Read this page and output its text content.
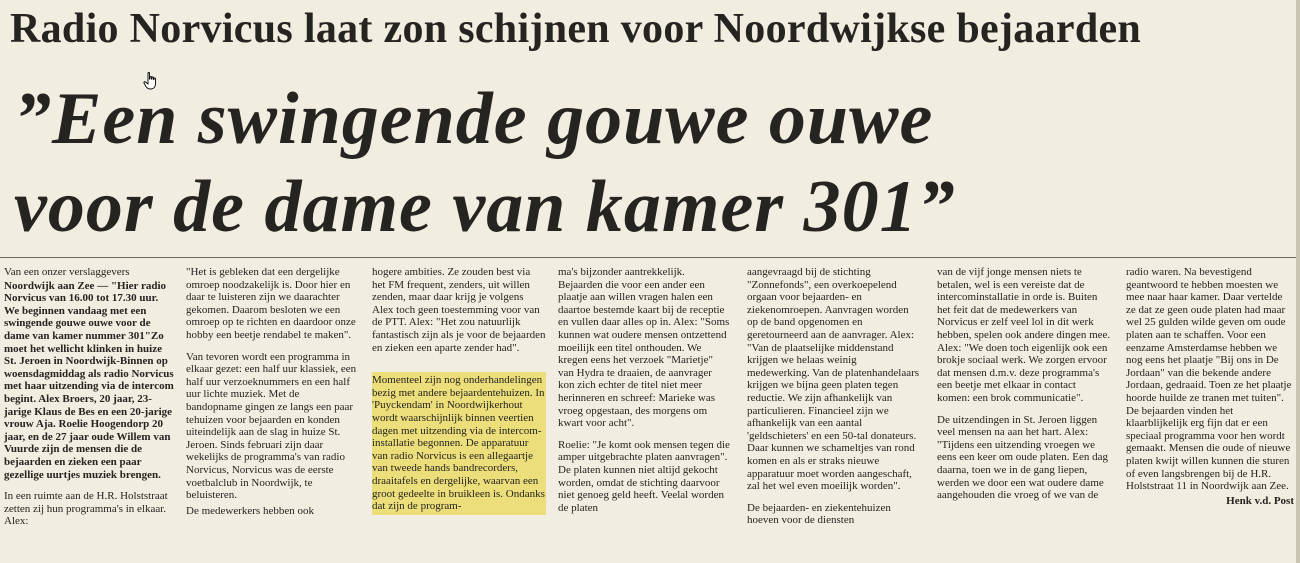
Radio Norvicus laat zon schijnen voor Noordwijkse bejaarden
”Een swingende gouwe ouwe
voor de dame van kamer 301”

Van een onzer verslaggevers

Noordwijk aan Zee — "Hier radio Norvicus van 16.00 tot 17.30 uur. We beginnen vandaag met een swingende gouwe ouwe voor de dame van kamer nummer 301"Zo moet het wellicht klinken in huize St. Jeroen in Noordwijk-Binnen op woensdagmiddag als radio Norvicus met haar uitzending via de intercom begint. Alex Broers, 20 jaar, 23-jarige Klaus de Bes en een 20-jarige vrouw Aja. Roelie Hoogendorp 20 jaar, en de 27 jaar oude Willem van Vuurde zijn de mensen die de bejaarden en zieken een paar gezellige uurtjes muziek brengen.

In een ruimte aan de H.R. Holststraat zetten zij hun programma's in elkaar. Alex:

"Het is gebleken dat een dergelijke omroep noodzakelijk is. Door hier en daar te luisteren zijn we daarachter gekomen. Daarom besloten we een omroep op te richten en daardoor onze hobby een beetje rendabel te maken".

Van tevoren wordt een programma in elkaar gezet: een half uur klassiek, een half uur verzoeknummers en een half uur lichte muziek. Met de bandopname gingen ze langs een paar tehuizen voor bejaarden en konden uiteindelijk aan de slag in huize St. Jeroen. Sinds februari zijn daar wekelijks de programma's van radio Norvicus, Norvicus was de eerste voetbalclub in Noordwijk, te beluisteren.

De medewerkers hebben ook

hogere ambities. Ze zouden best via het FM frequent, zenders, uit willen zenden, maar daar krijg je volgens Alex toch geen toestemming voor van de PTT. Alex: "Het zou natuurlijk fantastisch zijn als je voor de bejaarden en zieken een aparte zender had".

Momenteel zijn nog onderhandelingen bezig met andere bejaardentehuizen. In 'Puyckendam' in Noordwijkerhout wordt waarschijnlijk binnen veertien dagen met uitzending via de intercom-installatie begonnen. De apparatuur van radio Norvicus is een allegaartje van tweede hands bandrecorders, draaitafels en dergelijke, waarvan een groot gedeelte in bruikleen is. Ondanks dat zijn de program-

ma's bijzonder aantrekkelijk. Bejaarden die voor een ander een plaatje aan willen vragen halen een daartoe bestemde kaart bij de receptie en vullen daar alles op in. Alex: "Soms kunnen wat oudere mensen ontzettend moeilijk een titel onthouden. We kregen eens het verzoek "Marietje" van Hydra te draaien, de aanvrager kon zich echter de titel niet meer herinneren en schreef: Marieke was vroeg opgestaan, des morgens om kwart voor acht".

Roelie: "Je komt ook mensen tegen die amper uitgebrachte platen aanvragen". De platen kunnen niet altijd gekocht worden, omdat de stichting daarvoor niet genoeg geld heeft. Veelal worden de platen

aangevraagd bij de stichting "Zonnefonds", een overkoepelend orgaan voor bejaarden- en ziekenomroepen. Aanvragen worden op de band opgenomen en geretourneerd aan de aanvrager. Alex: "Van de plaatselijke middenstand krijgen we helaas weinig medewerking. Van de platenhandelaars krijgen we bijna geen platen tegen reductie. We zijn afhankelijk van particulieren. Financieel zijn we afhankelijk van een aantal 'geldschieters' en een 50-tal donateurs. Daar kunnen we schameltjes van rond komen en als er straks nieuwe apparatuur moet worden aangeschaft, zal het wel even moeilijk worden".

De bejaarden- en ziekentehuizen hoeven voor de diensten

van de vijf jonge mensen niets te betalen, wel is een vereiste dat de intercominstallatie in orde is. Buiten het feit dat de medewerkers van Norvicus er zelf veel lol in dit werk hebben, spelen ook andere dingen mee. Alex: "We doen toch eigenlijk ook een brokje sociaal werk. We zorgen ervoor dat mensen d.m.v. deze programma's een beetje met elkaar in contact komen: een brok communicatie".

De uitzendingen in St. Jeroen liggen veel mensen na aan het hart. Alex: "Tijdens een uitzending vroegen we eens een keer om oude platen. Een dag daarna, toen we in de gang liepen, werden we door een wat oudere dame aangehouden die vroeg of we van de

radio waren. Na bevestigend geantwoord te hebben moesten we mee naar haar kamer. Daar vertelde ze dat ze geen oude platen had maar wel 25 gulden wilde geven om oude platen aan te schaffen. Voor een eenzame Amsterdamse hebben we nog eens het plaatje "Bij ons in De Jordaan" van die bekende andere Jordaan, gedraaid. Toen ze het plaatje hoorde huilde ze tranen met tuiten".

De bejaarden vinden het klaarblijkelijk erg fijn dat er een speciaal programma voor hen wordt gemaakt. Mensen die oude of nieuwe platen kwijt willen kunnen die sturen of even langsbrengen bij de H.R. Holststraat 11 in Noordwijk aan Zee.

Henk v.d. Post
